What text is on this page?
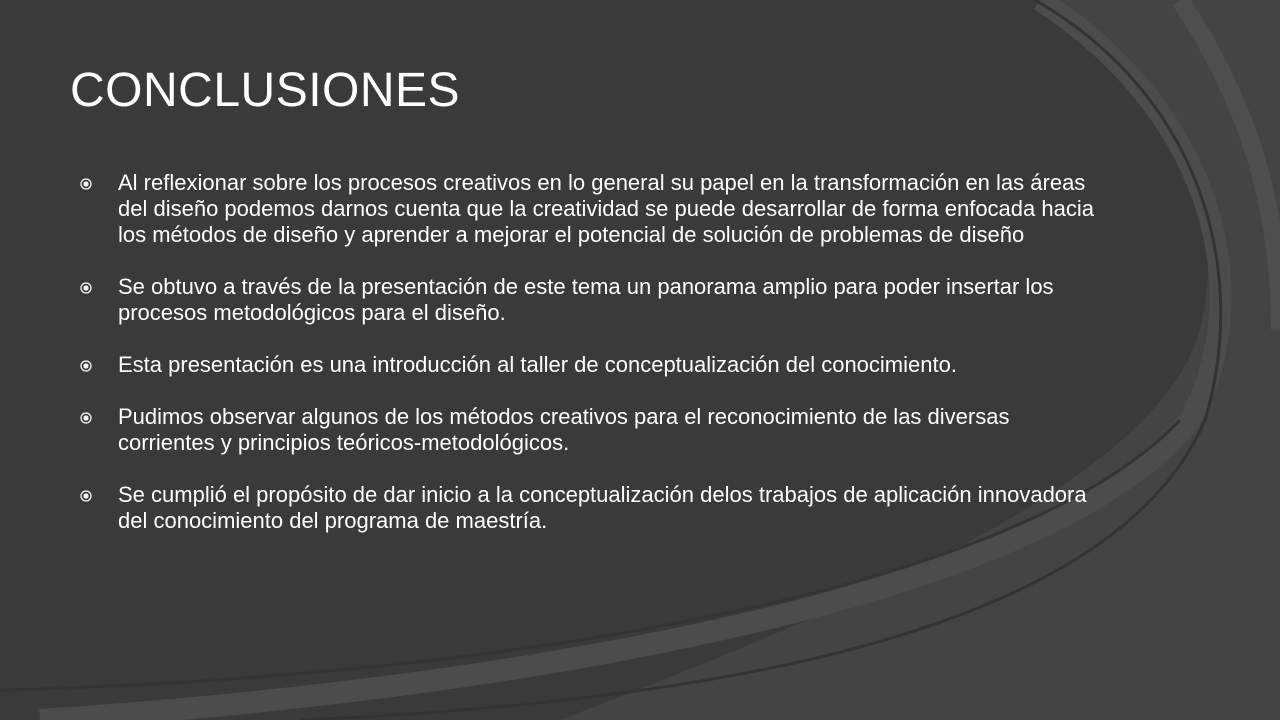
CONCLUSIONES
Al reflexionar sobre los procesos creativos en lo general su papel en la transformación en las áreas del diseño podemos darnos cuenta que la creatividad se puede desarrollar de forma enfocada hacia los métodos de diseño y aprender a mejorar el potencial de solución de problemas de diseño
Se obtuvo a través de la presentación de este tema un panorama amplio para poder insertar los procesos metodológicos para el diseño.
Esta presentación es una introducción al taller de conceptualización del conocimiento.
Pudimos observar algunos de los métodos creativos para el reconocimiento de las diversas corrientes y principios teóricos-metodológicos.
Se cumplió el propósito de dar inicio a la conceptualización delos trabajos de aplicación innovadora del conocimiento del programa de maestría.
